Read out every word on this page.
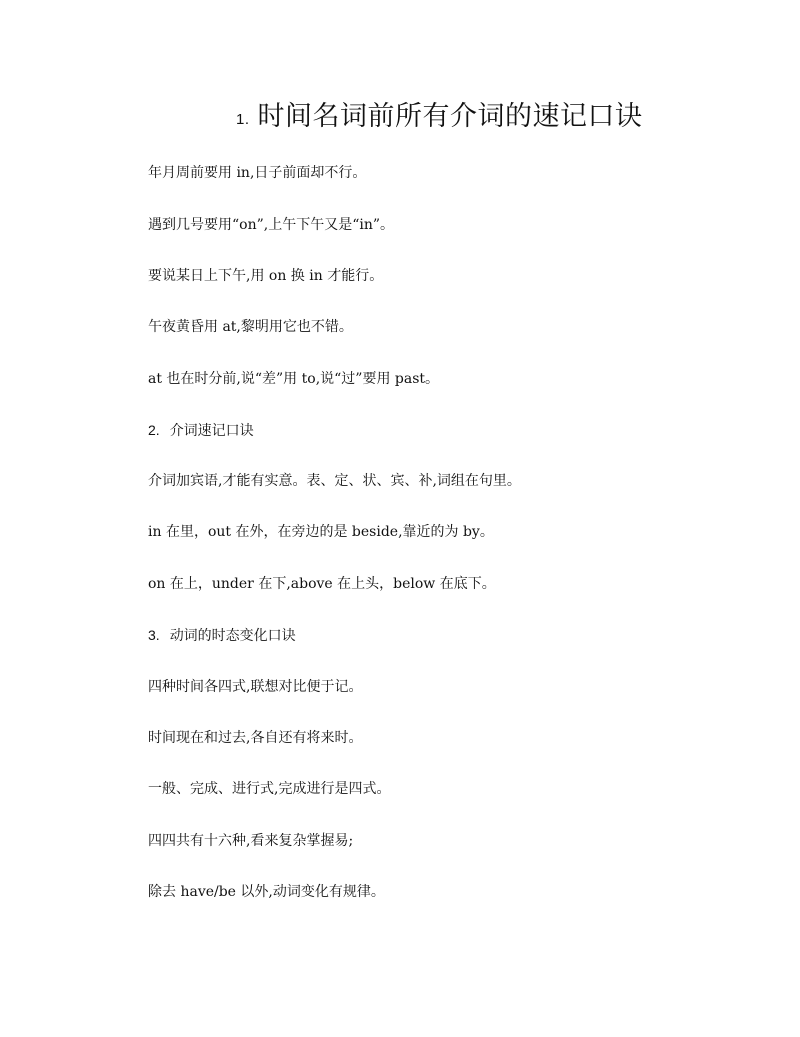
1. 时间名词前所有介词的速记口诀
年月周前要用 in,日子前面却不行。
遇到几号要用“on”,上午下午又是“in”。
要说某日上下午,用 on 换 in 才能行。
午夜黄昏用 at,黎明用它也不错。
at 也在时分前,说“差”用 to,说“过”要用 past。
2. 介词速记口诀
介词加宾语,才能有实意。表、定、状、宾、补,词组在句里。
in 在里，out 在外，在旁边的是 beside,靠近的为 by。
on 在上，under 在下,above 在上头，below 在底下。
3. 动词的时态变化口诀
四种时间各四式,联想对比便于记。
时间现在和过去,各自还有将来时。
一般、完成、进行式,完成进行是四式。
四四共有十六种,看来复杂掌握易;
除去 have/be 以外,动词变化有规律。
